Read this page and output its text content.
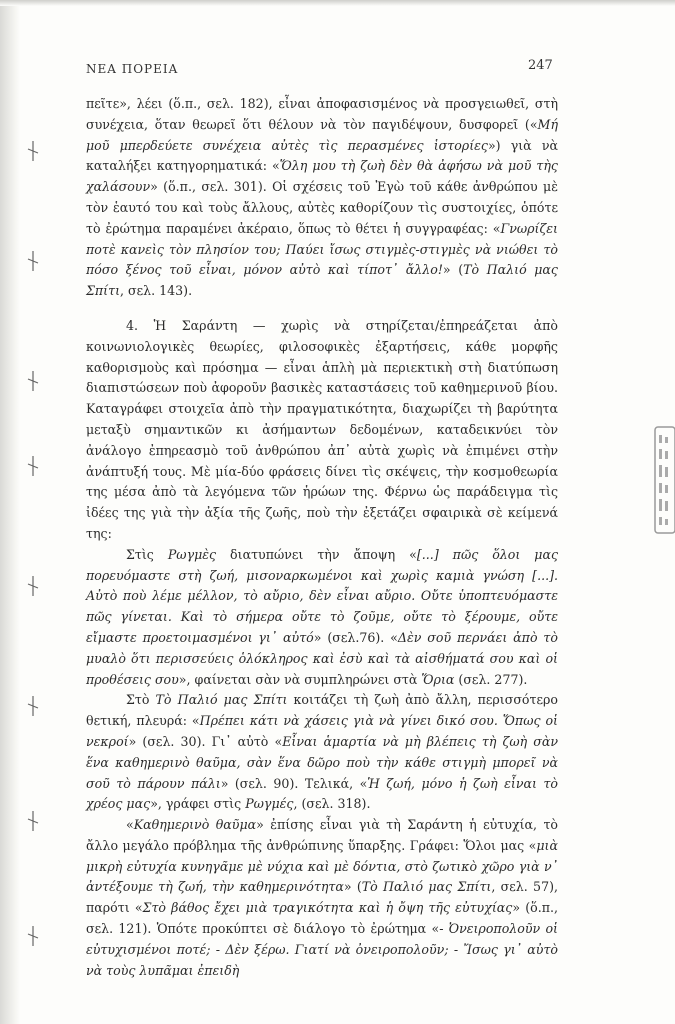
ΝΕΑ ΠΟΡΕΙΑ	247

πεῖτε», λέει (ὅ.π., σελ. 182), εἶναι ἀποφασισμένος νὰ προσγειωθεῖ, στὴ συνέχεια, ὅταν θεωρεῖ ὅτι θέλουν νὰ τὸν παγιδέψουν, δυσφορεῖ («Μή μοῦ μπερδεύετε συνέχεια αὐτὲς τὶς περασμένες ἱστορίες») γιὰ νὰ καταλήξει κατηγορηματικά: «Ὅλη μου τὴ ζωὴ δὲν θὰ ἀφήσω νὰ μοῦ τὴς χαλάσουν» (ὅ.π., σελ. 301). Οἱ σχέσεις τοῦ Ἐγὼ τοῦ κάθε ἀνθρώπου μὲ τὸν ἑαυτό του καὶ τοὺς ἄλλους, αὐτὲς καθορίζουν τὶς συστοιχίες, ὁπότε τὸ ἐρώτημα παραμένει ἀκέραιο, ὅπως τὸ θέτει ἡ συγγραφέας: «Γνωρίζει ποτὲ κανεὶς τὸν πλησίον του; Παύει ἴσως στιγμὲς-στιγμὲς νὰ νιώθει τὸ πόσο ξένος τοῦ εἶναι, μόνον αὐτὸ καὶ τίποτ᾽ ἄλλο!» (Τὸ Παλιό μας Σπίτι, σελ. 143).

4. Ἡ Σαράντη — χωρὶς νὰ στηρίζεται/ἐπηρεάζεται ἀπὸ κοινωνιολογικὲς θεωρίες, φιλοσοφικὲς ἐξαρτήσεις, κάθε μορφῆς καθορισμοὺς καὶ πρόσημα — εἶναι ἁπλὴ μὰ περιεκτικὴ στὴ διατύπωση διαπιστώσεων ποὺ ἀφοροῦν βασικὲς καταστάσεις τοῦ καθημερινοῦ βίου. Καταγράφει στοιχεῖα ἀπὸ τὴν πραγματικότητα, διαχωρίζει τὴ βαρύτητα μεταξὺ σημαντικῶν κι ἀσήμαντων δεδομένων, καταδεικνύει τὸν ἀνάλογο ἐπηρεασμὸ τοῦ ἀνθρώπου ἀπ᾽ αὐτὰ χωρὶς νὰ ἐπιμένει στὴν ἀνάπτυξή τους. Μὲ μία-δύο φράσεις δίνει τὶς σκέψεις, τὴν κοσμοθεωρία της μέσα ἀπὸ τὰ λεγόμενα τῶν ἡρώων της. Φέρνω ὡς παράδειγμα τὶς ἰδέες της γιὰ τὴν ἀξία τῆς ζωῆς, ποὺ τὴν ἐξετάζει σφαιρικὰ σὲ κείμενά της:

Στὶς Ρωγμὲς διατυπώνει τὴν ἄποψη «[...] πῶς ὅλοι μας πορευόμαστε στὴ ζωή, μισοναρκωμένοι καὶ χωρὶς καμιὰ γνώση [...]. Αὐτὸ ποὺ λέμε μέλλον, τὸ αὔριο, δὲν εἶναι αὔριο. Οὔτε ὑποπτευόμαστε πῶς γίνεται. Καὶ τὸ σήμερα οὔτε τὸ ζοῦμε, οὔτε τὸ ξέρουμε, οὔτε εἴμαστε προετοιμασμένοι γι᾽ αὐτό» (σελ.76). «Δὲν σοῦ περνάει ἀπὸ τὸ μυαλὸ ὅτι περισσεύεις ὁλόκληρος καὶ ἐσὺ καὶ τὰ αἰσθήματά σου καὶ οἱ προθέσεις σου», φαίνεται σὰν νὰ συμπληρώνει στὰ Ὅρια (σελ. 277).

Στὸ Τὸ Παλιό μας Σπίτι κοιτάζει τὴ ζωὴ ἀπὸ ἄλλη, περισσότερο θετική, πλευρά: «Πρέπει κάτι νὰ χάσεις γιὰ νὰ γίνει δικό σου. Ὅπως οἱ νεκροί» (σελ. 30). Γι᾽ αὐτὸ «Εἶναι ἁμαρτία νὰ μὴ βλέπεις τὴ ζωὴ σὰν ἕνα καθημερινὸ θαῦμα, σὰν ἕνα δῶρο ποὺ τὴν κάθε στιγμὴ μπορεῖ νὰ σοῦ τὸ πάρουν πάλι» (σελ. 90). Τελικά, «Ἡ ζωή, μόνο ἡ ζωὴ εἶναι τὸ χρέος μας», γράφει στὶς Ρωγμές, (σελ. 318).

«Καθημερινὸ θαῦμα» ἐπίσης εἶναι γιὰ τὴ Σαράντη ἡ εὐτυχία, τὸ ἄλλο μεγάλο πρόβλημα τῆς ἀνθρώπινης ὕπαρξης. Γράφει: Ὅλοι μας «μιὰ μικρὴ εὐτυχία κυνηγᾶμε μὲ νύχια καὶ μὲ δόντια, στὸ ζωτικὸ χῶρο γιὰ ν᾽ ἀντέξουμε τὴ ζωή, τὴν καθημερινότητα» (Τὸ Παλιό μας Σπίτι, σελ. 57), παρότι «Στὸ βάθος ἔχει μιὰ τραγικότητα καὶ ἡ ὄψη τῆς εὐτυχίας» (ὅ.π., σελ. 121). Ὁπότε προκύπτει σὲ διάλογο τὸ ἐρώτημα «- Ὀνειροπολοῦν οἱ εὐτυχισμένοι ποτέ; - Δὲν ξέρω. Γιατί νὰ ὀνειροπολοῦν; - Ἴσως γι᾽ αὐτὸ νὰ τοὺς λυπᾶμαι ἐπειδὴ
